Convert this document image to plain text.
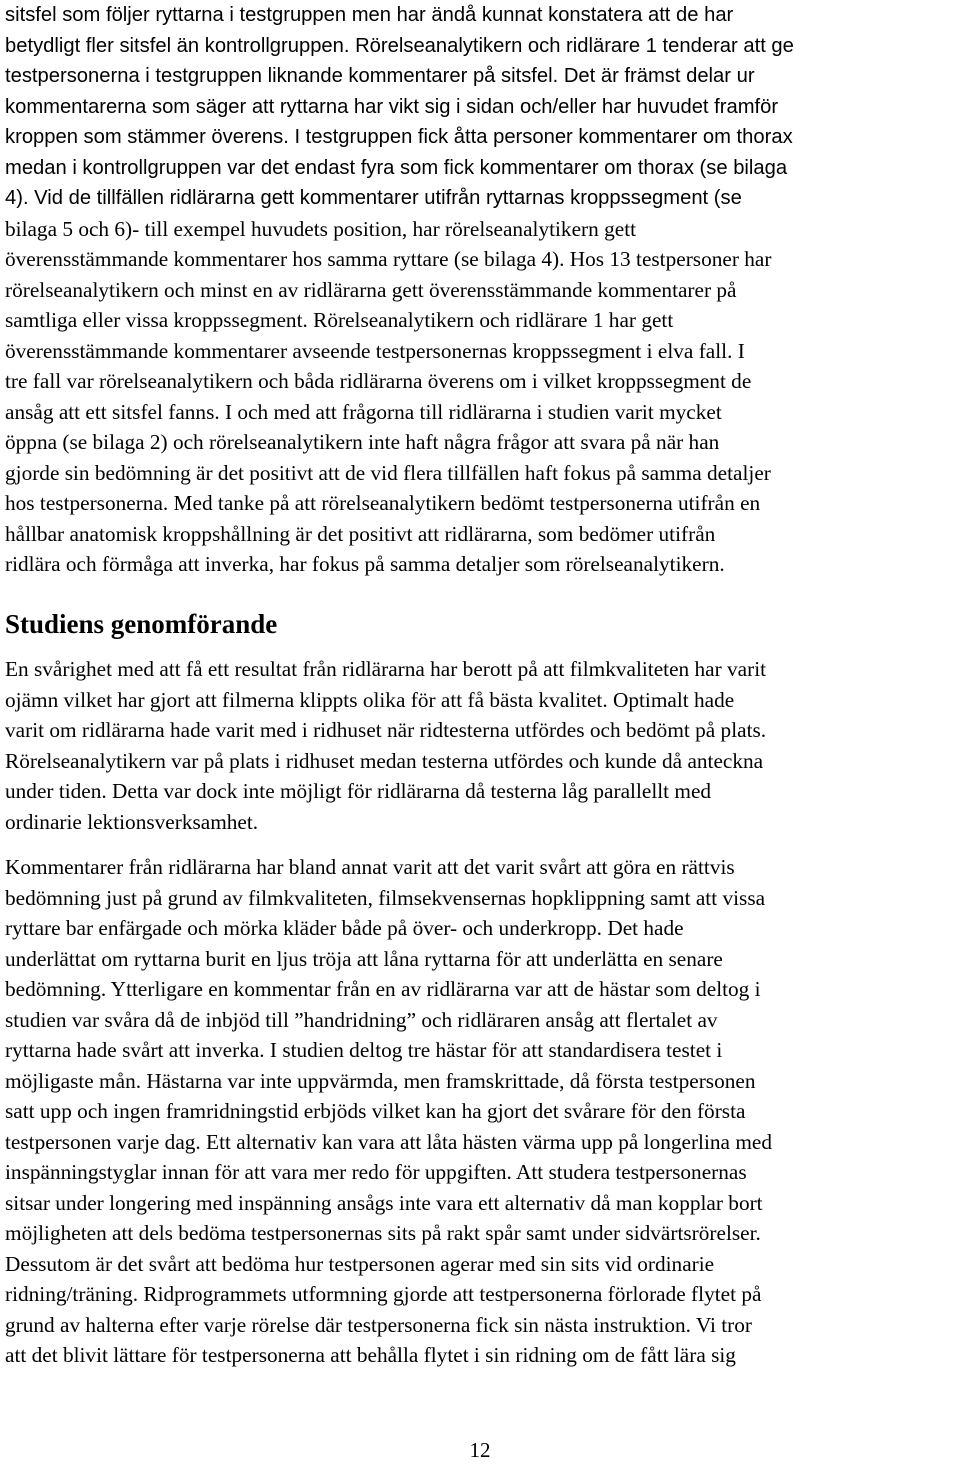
sitsfel som följer ryttarna i testgruppen men har ändå kunnat konstatera att de har

betydligt fler sitsfel än kontrollgruppen. Rörelseanalytikern och ridlärare 1 tenderar att ge

testpersonerna i testgruppen liknande kommentarer på sitsfel. Det är främst delar ur

kommentarerna som säger att ryttarna har vikt sig i sidan och/eller har huvudet framför

kroppen som stämmer överens. I testgruppen fick åtta personer kommentarer om thorax

medan i kontrollgruppen var det endast fyra som fick kommentarer om thorax (se bilaga

4). Vid de tillfällen ridlärarna gett kommentarer utifrån ryttarnas kroppssegment (se

bilaga 5 och 6)- till exempel huvudets position, har rörelseanalytikern gett

överensstämmande kommentarer hos samma ryttare (se bilaga 4). Hos 13 testpersoner har

rörelseanalytikern och minst en av ridlärarna gett överensstämmande kommentarer på

samtliga eller vissa kroppssegment. Rörelseanalytikern och ridlärare 1 har gett

överensstämmande kommentarer avseende testpersonernas kroppssegment i elva fall. I

tre fall var rörelseanalytikern och båda ridlärarna överens om i vilket kroppssegment de

ansåg att ett sitsfel fanns. I och med att frågorna till ridlärarna i studien varit mycket

öppna (se bilaga 2) och rörelseanalytikern inte haft några frågor att svara på när han

gjorde sin bedömning är det positivt att de vid flera tillfällen haft fokus på samma detaljer

hos testpersonerna. Med tanke på att rörelseanalytikern bedömt testpersonerna utifrån en

hållbar anatomisk kroppshållning är det positivt att ridlärarna, som bedömer utifrån

ridlära och förmåga att inverka, har fokus på samma detaljer som rörelseanalytikern.

Studiens genomförande

En svårighet med att få ett resultat från ridlärarna har berott på att filmkvaliteten har varit

ojämn vilket har gjort att filmerna klippts olika för att få bästa kvalitet. Optimalt hade

varit om ridlärarna hade varit med i ridhuset när ridtesterna utfördes och bedömt på plats.

Rörelseanalytikern var på plats i ridhuset medan testerna utfördes och kunde då anteckna

under tiden. Detta var dock inte möjligt för ridlärarna då testerna låg parallellt med

ordinarie lektionsverksamhet.

Kommentarer från ridlärarna har bland annat varit att det varit svårt att göra en rättvis

bedömning just på grund av filmkvaliteten, filmsekvensernas hopklippning samt att vissa

ryttare bar enfärgade och mörka kläder både på över- och underkropp. Det hade

underlättat om ryttarna burit en ljus tröja att låna ryttarna för att underlätta en senare

bedömning. Ytterligare en kommentar från en av ridlärarna var att de hästar som deltog i

studien var svåra då de inbjöd till ”handridning” och ridläraren ansåg att flertalet av

ryttarna hade svårt att inverka. I studien deltog tre hästar för att standardisera testet i

möjligaste mån. Hästarna var inte uppvärmda, men framskrittade, då första testpersonen

satt upp och ingen framridningstid erbjöds vilket kan ha gjort det svårare för den första

testpersonen varje dag. Ett alternativ kan vara att låta hästen värma upp på longerlina med

inspänningstyglar innan för att vara mer redo för uppgiften. Att studera testpersonernas

sitsar under longering med inspänning ansågs inte vara ett alternativ då man kopplar bort

möjligheten att dels bedöma testpersonernas sits på rakt spår samt under sidvärtsrörelser.

Dessutom är det svårt att bedöma hur testpersonen agerar med sin sits vid ordinarie

ridning/träning. Ridprogrammets utformning gjorde att testpersonerna förlorade flytet på

grund av halterna efter varje rörelse där testpersonerna fick sin nästa instruktion. Vi tror

att det blivit lättare för testpersonerna att behålla flytet i sin ridning om de fått lära sig

12
